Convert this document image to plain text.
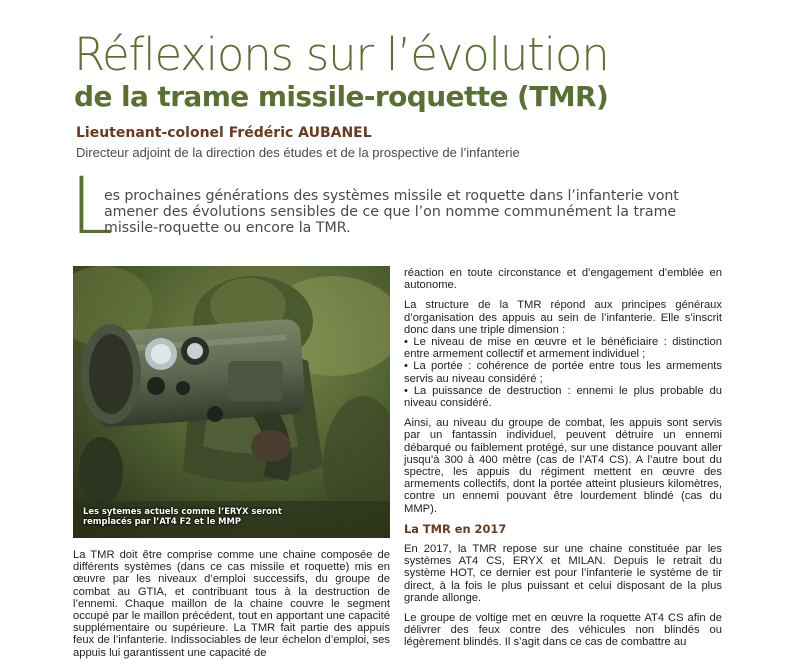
Réflexions sur l’évolution
de la trame missile-roquette (TMR)
Lieutenant-colonel Frédéric AUBANEL
Directeur adjoint de la direction des études et de la prospective de l’infanterie
L
es prochaines générations des systèmes missile et roquette dans l’infanterie vont amener des évolutions sensibles de ce que l’on nomme communément la trame missile-roquette ou encore la TMR.
Les sytemes actuels comme l’ERYX seront remplacés par l’AT4 F2 et le MMP

La TMR doit être comprise comme une chaine composée de différents systèmes (dans ce cas missile et roquette) mis en œuvre par les niveaux d’emploi successifs, du groupe de combat au GTIA, et contribuant tous à la destruction de l’ennemi. Chaque maillon de la chaine couvre le segment occupé par le maillon précédent, tout en apportant une capacité supplémentaire ou supérieure. La TMR fait partie des appuis feux de l’infanterie. Indissociables de leur échelon d’emploi, ses appuis lui garantissent une capacité de

réaction en toute circonstance et d’engagement d’emblée en autonome.

La structure de la TMR répond aux principes généraux d’organisation des appuis au sein de l’infanterie. Elle s’inscrit donc dans une triple dimension :

• Le niveau de mise en œuvre et le bénéficiaire : distinction entre armement collectif et armement individuel ;
• La portée : cohérence de portée entre tous les armements servis au niveau considéré ;
• La puissance de destruction : ennemi le plus probable du niveau considéré.

Ainsi, au niveau du groupe de combat, les appuis sont servis par un fantassin individuel, peuvent détruire un ennemi débarqué ou faiblement protégé, sur une distance pouvant aller jusqu’à 300 à 400 mètre (cas de l’AT4 CS). A l’autre bout du spectre, les appuis du régiment mettent en œuvre des armements collectifs, dont la portée atteint plusieurs kilomètres, contre un ennemi pouvant être lourdement blindé (cas du MMP).

La TMR en 2017

En 2017, la TMR repose sur une chaine constituée par les systèmes AT4 CS, ERYX et MILAN. Depuis le retrait du système HOT, ce dernier est pour l’infanterie le système de tir direct, à la fois le plus puissant et celui disposant de la plus grande allonge.

Le groupe de voltige met en œuvre la roquette AT4 CS afin de délivrer des feux contre des véhicules non blindés ou légèrement blindés. Il s’agit dans ce cas de combattre au
